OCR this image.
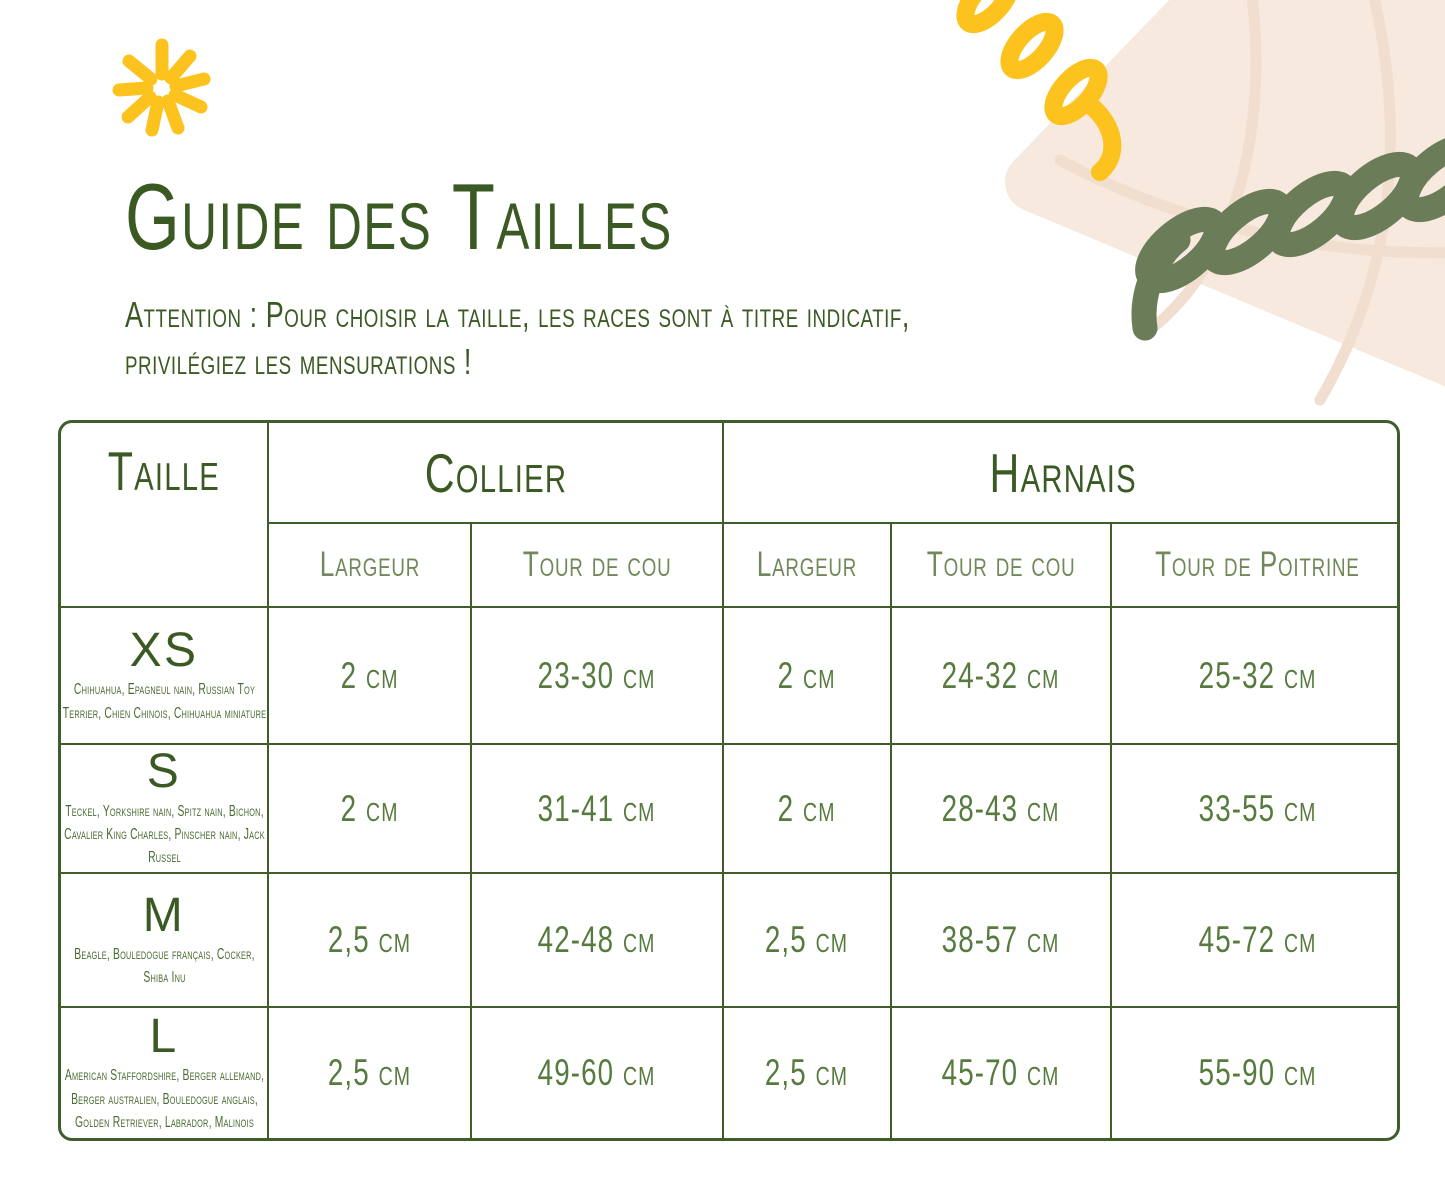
Guide des Tailles
Attention : Pour choisir la taille, les races sont à titre indicatif,
privilégiez les mensurations !
Taille	Collier		Harnais		
	Largeur	Tour de cou	Largeur	Tour de cou	Tour de Poitrine

XS
Chihuahua, Epagneul nain, Russian Toy Terrier, Chien Chinois, Chihuahua miniature	2 cm	23-30 cm	2 cm	24-32 cm	25-32 cm

S
Teckel, Yorkshire nain, Spitz nain, Bichon, Cavalier King Charles, Pinscher nain, Jack Russel	2 cm	31-41 cm	2 cm	28-43 cm	33-55 cm

M
Beagle, Bouledogue français, Cocker, Shiba Inu	2,5 cm	42-48 cm	2,5 cm	38-57 cm	45-72 cm

L
American Staffordshire, Berger allemand, Berger australien, Bouledogue anglais, Golden Retriever, Labrador, Malinois	2,5 cm	49-60 cm	2,5 cm	45-70 cm	55-90 cm
